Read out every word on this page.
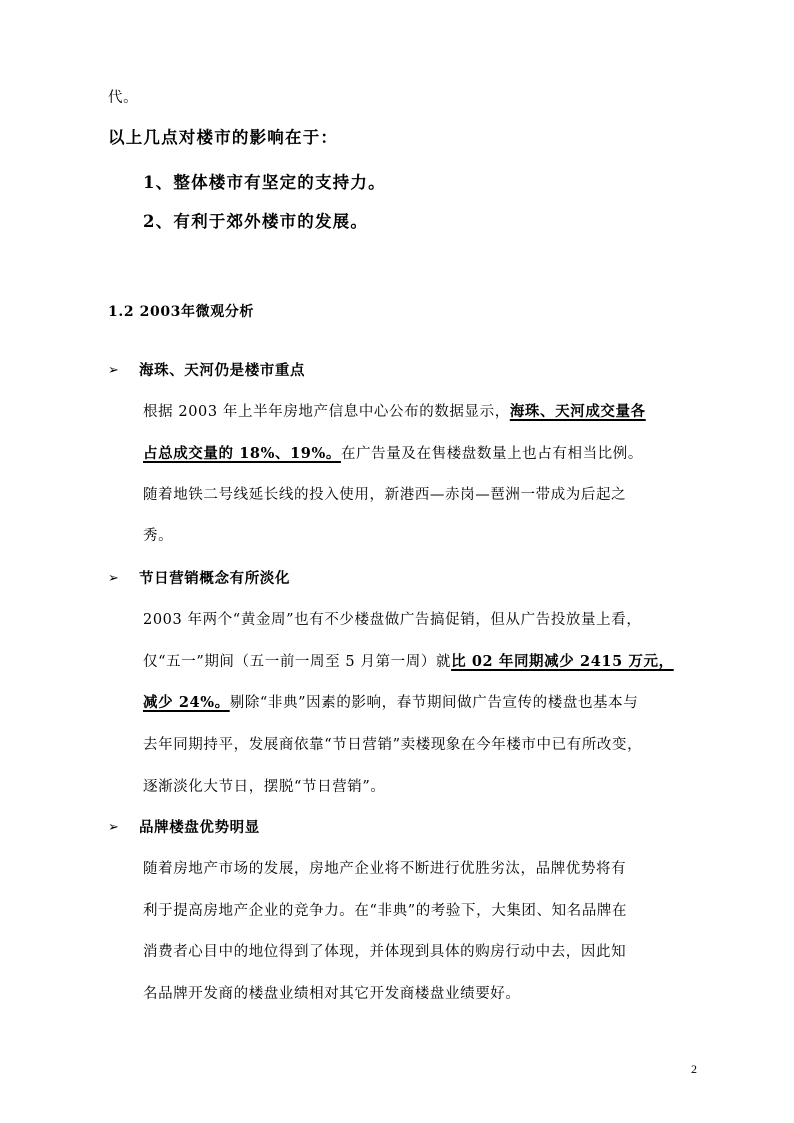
代。
以上几点对楼市的影响在于：
1、整体楼市有坚定的支持力。
2、有利于郊外楼市的发展。
1.2 2003年微观分析
➢ 海珠、天河仍是楼市重点
➢ 节日营销概念有所淡化
➢ 品牌楼盘优势明显
2
根据 2003 年上半年房地产信息中心公布的数据显示，海珠、天河成交量各
占总成交量的 18%、19%。在广告量及在售楼盘数量上也占有相当比例。
随着地铁二号线延长线的投入使用，新港西—赤岗—琶洲一带成为后起之
秀。
2003 年两个“黄金周”也有不少楼盘做广告搞促销，但从广告投放量上看，
仅“五一”期间（五一前一周至 5 月第一周）就比 02 年同期减少 2415 万元，
减少 24%。剔除“非典”因素的影响，春节期间做广告宣传的楼盘也基本与
去年同期持平，发展商依靠“节日营销”卖楼现象在今年楼市中已有所改变，
逐渐淡化大节日，摆脱“节日营销”。
随着房地产市场的发展，房地产企业将不断进行优胜劣汰，品牌优势将有
利于提高房地产企业的竞争力。在“非典”的考验下，大集团、知名品牌在
消费者心目中的地位得到了体现，并体现到具体的购房行动中去，因此知
名品牌开发商的楼盘业绩相对其它开发商楼盘业绩要好。
